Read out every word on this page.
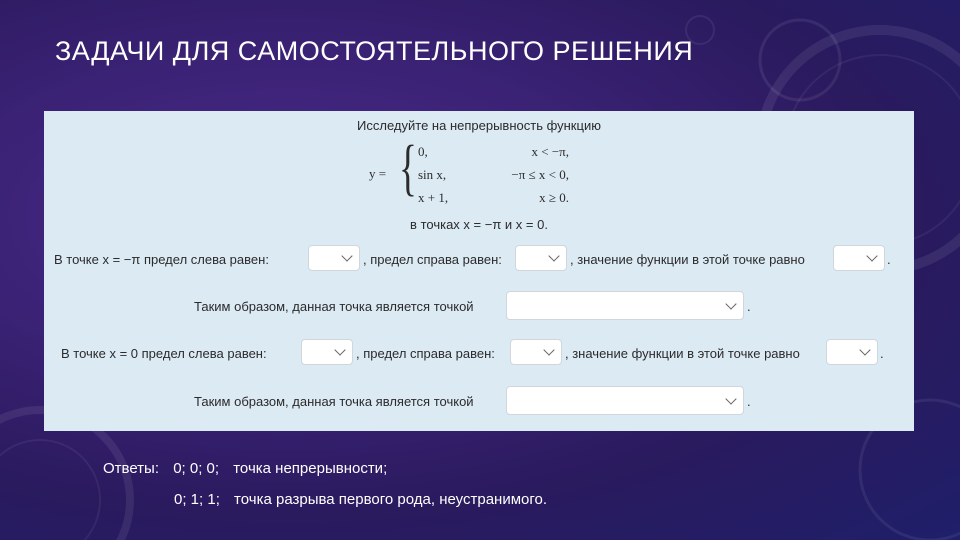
ЗАДАЧИ ДЛЯ САМОСТОЯТЕЛЬНОГО РЕШЕНИЯ
Исследуйте на непрерывность функцию
y = { 0,	x < −π,
sin x,	−π ≤ x < 0,
x + 1,	x ≥ 0.
в точках x = −π и x = 0.
В точке x = −π предел слева равен:	, предел справа равен:	, значение функции в этой точке равно	.
Таким образом, данная точка является точкой	.
В точке x = 0 предел слева равен:	, предел справа равен:	, значение функции в этой точке равно	.
Таким образом, данная точка является точкой	.
Ответы: 0; 0; 0; точка непрерывности;
0; 1; 1; точка разрыва первого рода, неустранимого.
